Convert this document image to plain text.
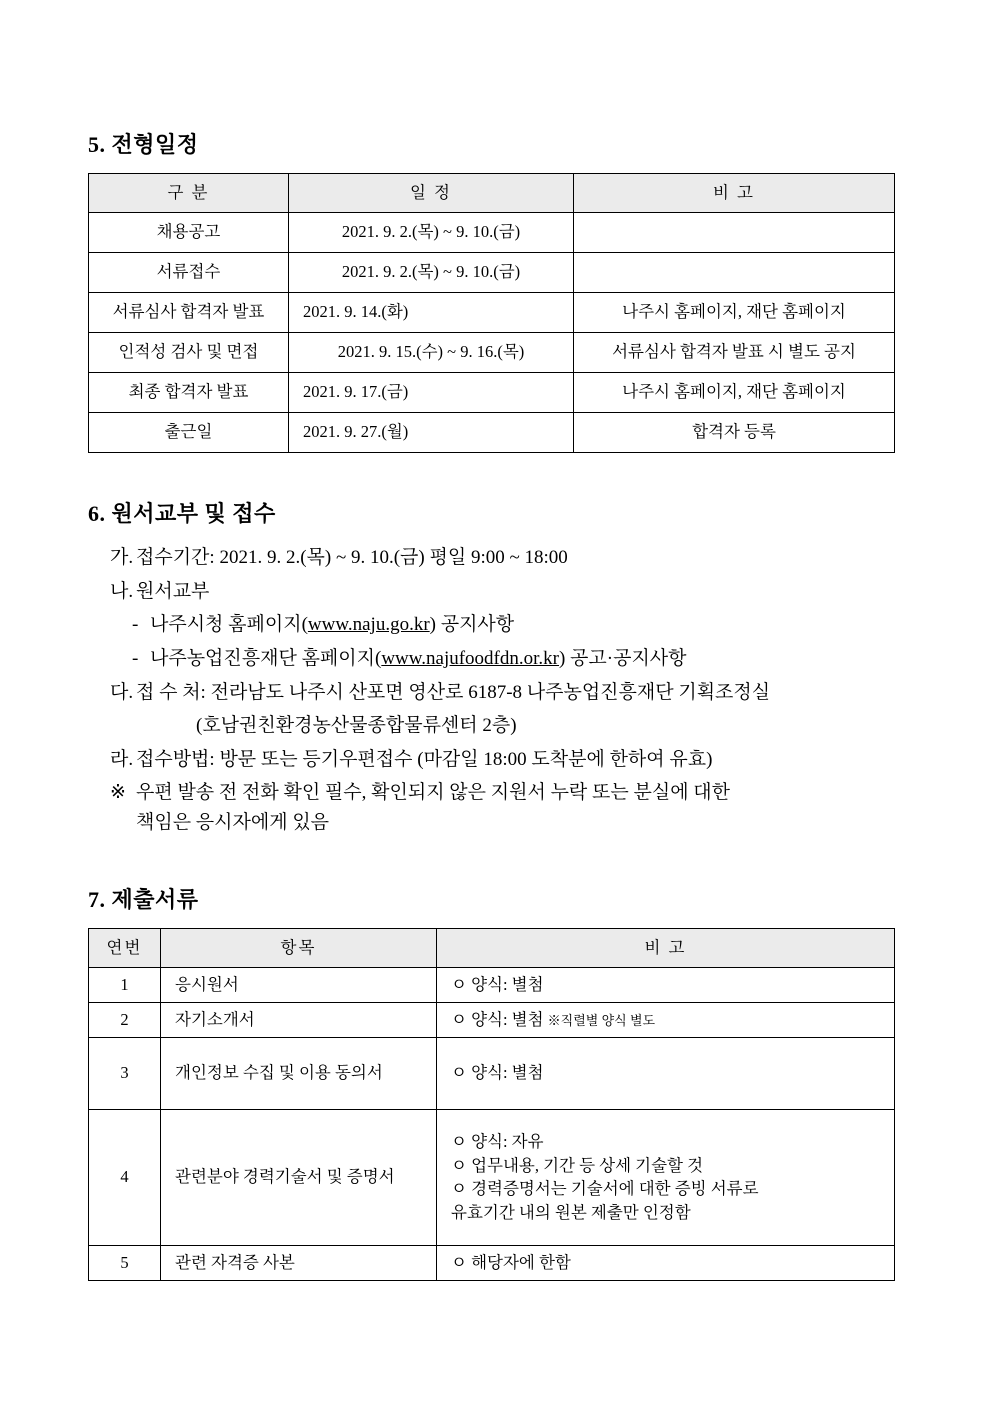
5. 전형일정
구 분	일 정	비 고
채용공고	2021. 9. 2.(목) ~ 9. 10.(금)	
서류접수	2021. 9. 2.(목) ~ 9. 10.(금)	
서류심사 합격자 발표	2021. 9. 14.(화)	나주시 홈페이지, 재단 홈페이지
인적성 검사 및 면접	2021. 9. 15.(수) ~ 9. 16.(목)	서류심사 합격자 발표 시 별도 공지
최종 합격자 발표	2021. 9. 17.(금)	나주시 홈페이지, 재단 홈페이지
출근일	2021. 9. 27.(월)	합격자 등록
6. 원서교부 및 접수
가. 접수기간: 2021. 9. 2.(목) ~ 9. 10.(금) 평일 9:00 ~ 18:00
나. 원서교부
- 나주시청 홈페이지(www.naju.go.kr) 공지사항
- 나주농업진흥재단 홈페이지(www.najufoodfdn.or.kr) 공고·공지사항
다. 접 수 처: 전라남도 나주시 산포면 영산로 6187-8 나주농업진흥재단 기획조정실
(호남권친환경농산물종합물류센터 2층)
라. 접수방법: 방문 또는 등기우편접수 (마감일 18:00 도착분에 한하여 유효)
※ 우편 발송 전 전화 확인 필수, 확인되지 않은 지원서 누락 또는 분실에 대한
책임은 응시자에게 있음
7. 제출서류
연번	항목	비 고
1	응시원서	ㅇ 양식: 별첨

2	자기소개서	ㅇ 양식: 별첨 ※직렬별 양식 별도
3	개인정보 수집 및 이용 동의서	ㅇ 양식: 별첨

4	관련분야 경력기술서 및 증명서	ㅇ 양식: 자유
ㅇ 업무내용, 기간 등 상세 기술할 것
ㅇ 경력증명서는 기술서에 대한 증빙 서류로
유효기간 내의 원본 제출만 인정함

5	관련 자격증 사본	ㅇ 해당자에 한함
